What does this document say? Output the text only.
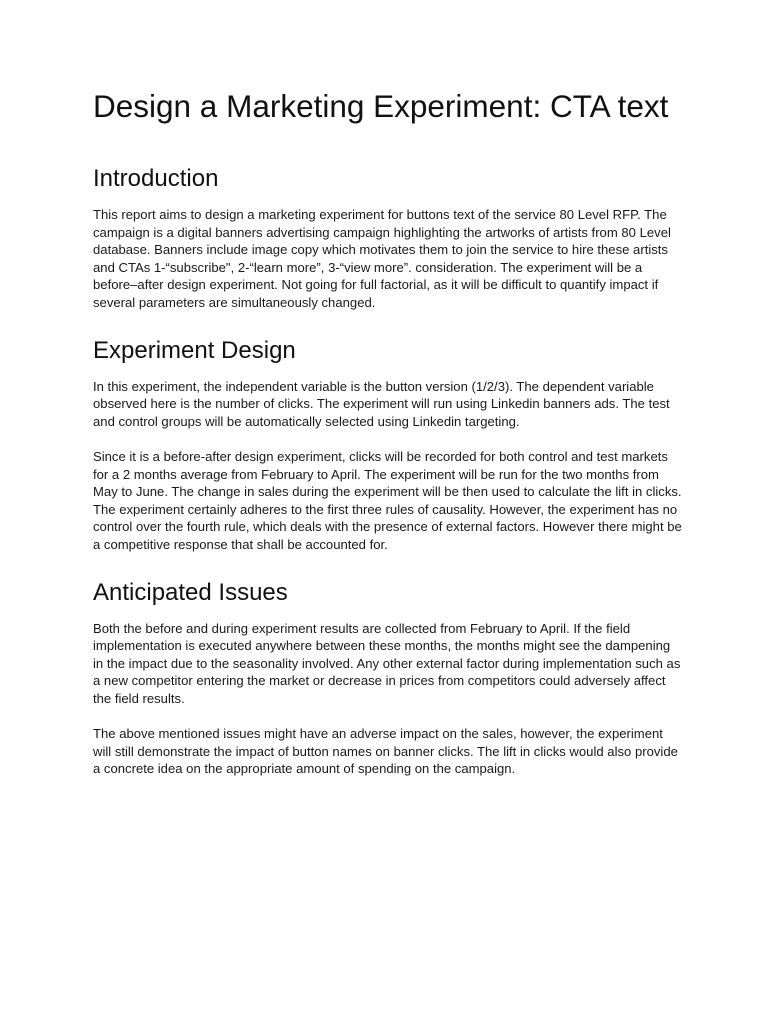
Design a Marketing Experiment: CTA text
Introduction

This report aims to design a marketing experiment for buttons text of the service 80 Level RFP. The campaign is a digital banners advertising campaign highlighting the artworks of artists from 80 Level database. Banners include image copy which motivates them to join the service to hire these artists and CTAs 1-“subscribe", 2-“learn more”, 3-“view more”. consideration. The experiment will be a before–after design experiment. Not going for full factorial, as it will be difficult to quantify impact if several parameters are simultaneously changed.

Experiment Design

In this experiment, the independent variable is the button version (1/2/3). The dependent variable observed here is the number of clicks. The experiment will run using Linkedin banners ads. The test and control groups will be automatically selected using Linkedin targeting.

Since it is a before-after design experiment, clicks will be recorded for both control and test markets for a 2 months average from February to April. The experiment will be run for the two months from May to June. The change in sales during the experiment will be then used to calculate the lift in clicks. The experiment certainly adheres to the first three rules of causality. However, the experiment has no control over the fourth rule, which deals with the presence of external factors. However there might be a competitive response that shall be accounted for.

Anticipated Issues

Both the before and during experiment results are collected from February to April. If the field implementation is executed anywhere between these months, the months might see the dampening in the impact due to the seasonality involved. Any other external factor during implementation such as a new competitor entering the market or decrease in prices from competitors could adversely affect the field results.

The above mentioned issues might have an adverse impact on the sales, however, the experiment will still demonstrate the impact of button names on banner clicks. The lift in clicks would also provide a concrete idea on the appropriate amount of spending on the campaign.
